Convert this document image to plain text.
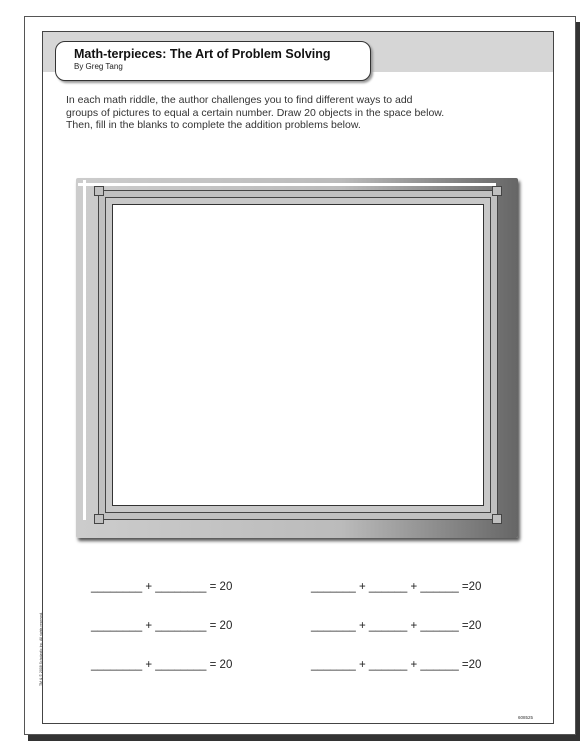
Math-terpieces: The Art of Problem Solving
By Greg Tang

In each math riddle, the author challenges you to find different ways to add

groups of pictures to equal a certain number. Draw 20 objects in the space below.

Then, fill in the blanks to complete the addition problems below.

________ + ________ = 20
________ + ________ = 20
________ + ________ = 20
_______ + ______ + ______ =20
_______ + ______ + ______ =20
_______ + ______ + ______ =20
608525
TM & © 2008 Scholastic Inc. All rights reserved.
